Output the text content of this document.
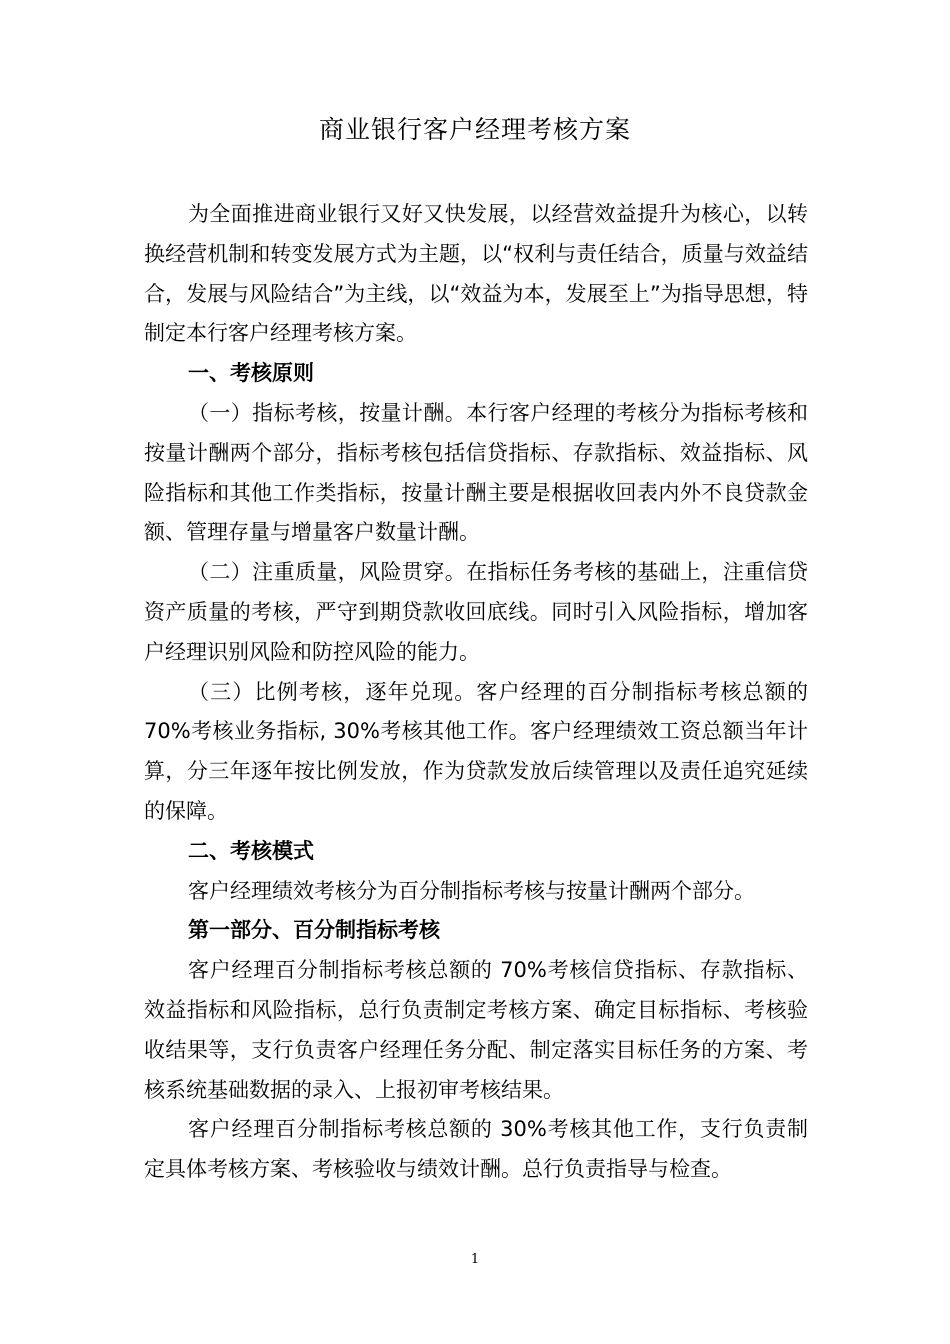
商业银行客户经理考核方案

为全面推进商业银行又好又快发展，以经营效益提升为核心，以转换经营机制和转变发展方式为主题，以“权利与责任结合，质量与效益结合，发展与风险结合”为主线，以“效益为本，发展至上”为指导思想，特制定本行客户经理考核方案。

一、考核原则

（一）指标考核，按量计酬。本行客户经理的考核分为指标考核和按量计酬两个部分，指标考核包括信贷指标、存款指标、效益指标、风险指标和其他工作类指标，按量计酬主要是根据收回表内外不良贷款金额、管理存量与增量客户数量计酬。

（二）注重质量，风险贯穿。在指标任务考核的基础上，注重信贷资产质量的考核，严守到期贷款收回底线。同时引入风险指标，增加客户经理识别风险和防控风险的能力。

（三）比例考核，逐年兑现。客户经理的百分制指标考核总额的70%考核业务指标, 30%考核其他工作。客户经理绩效工资总额当年计算，分三年逐年按比例发放，作为贷款发放后续管理以及责任追究延续的保障。

二、考核模式

客户经理绩效考核分为百分制指标考核与按量计酬两个部分。

第一部分、百分制指标考核

客户经理百分制指标考核总额的 70%考核信贷指标、存款指标、效益指标和风险指标，总行负责制定考核方案、确定目标指标、考核验收结果等，支行负责客户经理任务分配、制定落实目标任务的方案、考核系统基础数据的录入、上报初审考核结果。

客户经理百分制指标考核总额的 30%考核其他工作，支行负责制定具体考核方案、考核验收与绩效计酬。总行负责指导与检查。

1
